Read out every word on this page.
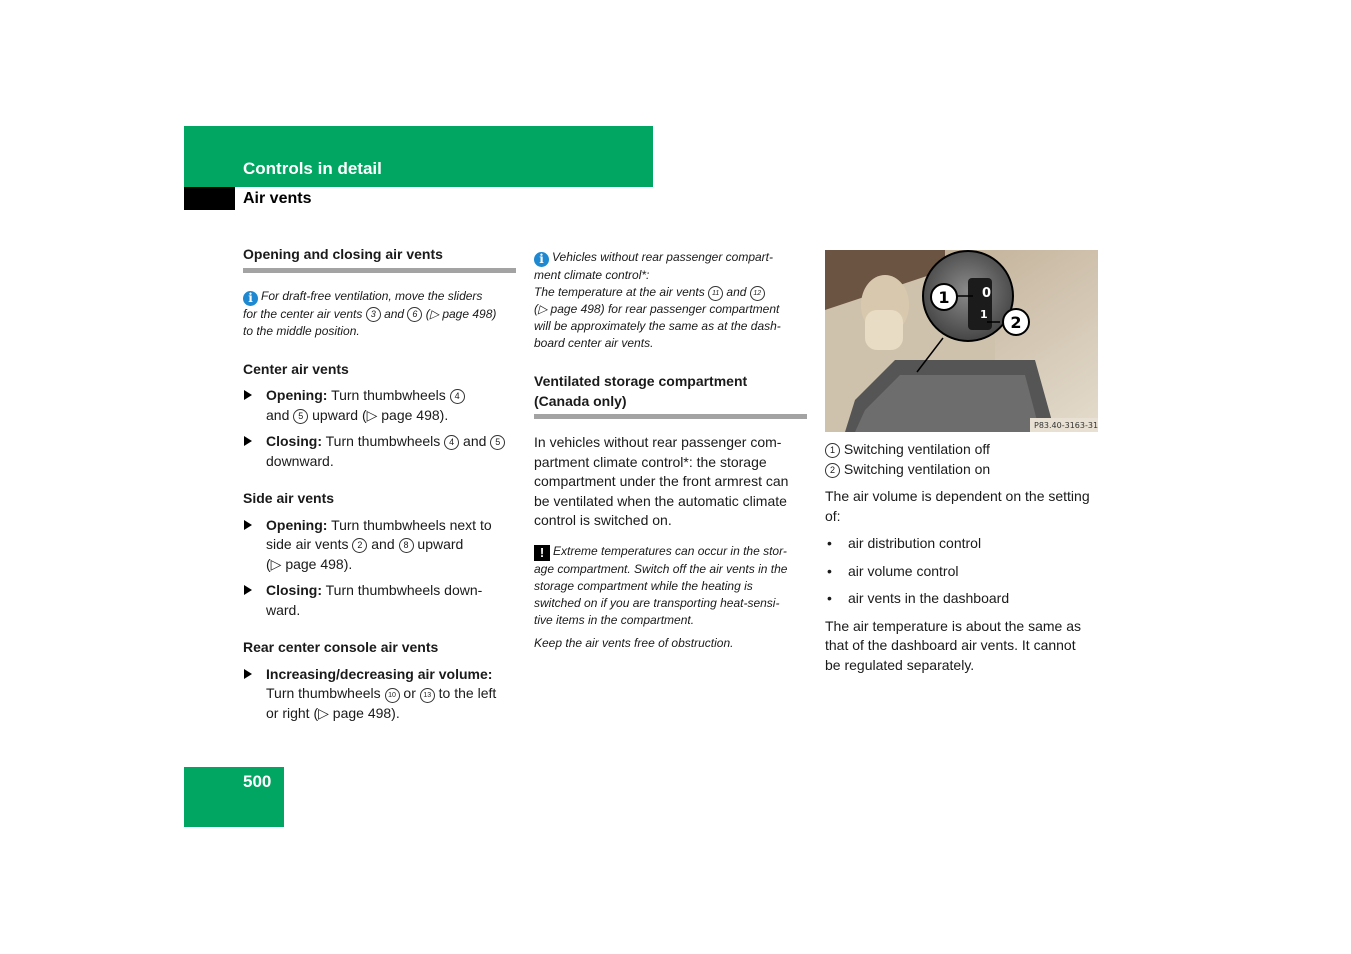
Controls in detail
Air vents
Opening and closing air vents

i For draft-free ventilation, move the sliders

for the center air vents 3 and 6 (▷ page 498)

to the middle position.

Center air vents

Opening: Turn thumbwheels 4

and 5 upward (▷ page 498).

Closing: Turn thumbwheels 4 and 5

downward.

Side air vents

Opening: Turn thumbwheels next to

side air vents 2 and 8 upward

(▷ page 498).

Closing: Turn thumbwheels down-

ward.

Rear center console air vents

Increasing/decreasing air volume:

Turn thumbwheels 10 or 13 to the left

or right (▷ page 498).

i Vehicles without rear passenger compart-

ment climate control*:

The temperature at the air vents 11 and 12

(▷ page 498) for rear passenger compartment

will be approximately the same as at the dash-

board center air vents.

Ventilated storage compartment

(Canada only)

In vehicles without rear passenger com-

partment climate control*: the storage

compartment under the front armrest can

be ventilated when the automatic climate

control is switched on.

! Extreme temperatures can occur in the stor-

age compartment. Switch off the air vents in the

storage compartment while the heating is

switched on if you are transporting heat-sensi-

tive items in the compartment.

Keep the air vents free of obstruction.
0
1
1
2
P83.40-3163-31

1 Switching ventilation off

2 Switching ventilation on

The air volume is dependent on the setting

of:

• air distribution control
• air volume control
• air vents in the dashboard

The air temperature is about the same as

that of the dashboard air vents. It cannot

be regulated separately.

500
